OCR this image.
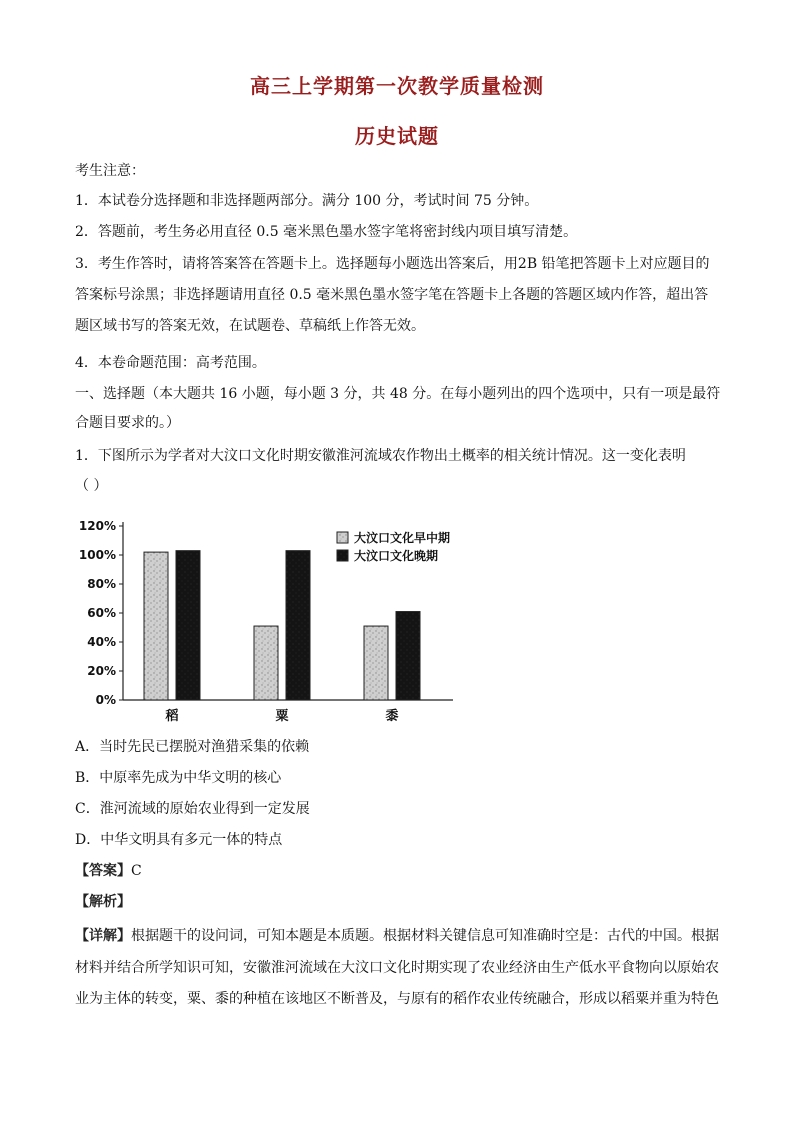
高三上学期第一次教学质量检测
历史试题
考生注意：
1．本试卷分选择题和非选择题两部分。满分 100 分，考试时间 75 分钟。
2．答题前，考生务必用直径 0.5 毫米黑色墨水签字笔将密封线内项目填写清楚。
3．考生作答时，请将答案答在答题卡上。选择题每小题选出答案后，用2B 铅笔把答题卡上对应题目的
答案标号涂黑；非选择题请用直径 0.5 毫米黑色墨水签字笔在答题卡上各题的答题区域内作答，超出答
题区域书写的答案无效，在试题卷、草稿纸上作答无效。
4．本卷命题范围：高考范围。
一、选择题（本大题共 16 小题，每小题 3 分，共 48 分。在每小题列出的四个选项中，只有一项是最符
合题目要求的。）
1．下图所示为学者对大汶口文化时期安徽淮河流域农作物出土概率的相关统计情况。这一变化表明
（ ）
0%
20%
40%
60%
80%
100%
120%
稻	粟	黍
大汶口文化早中期
大汶口文化晚期
A．当时先民已摆脱对渔猎采集的依赖
B．中原率先成为中华文明的核心
C．淮河流域的原始农业得到一定发展
D．中华文明具有多元一体的特点
【答案】C
【解析】
【详解】根据题干的设问词，可知本题是本质题。根据材料关键信息可知准确时空是：古代的中国。根据
材料并结合所学知识可知，安徽淮河流域在大汶口文化时期实现了农业经济由生产低水平食物向以原始农
业为主体的转变，粟、黍的种植在该地区不断普及，与原有的稻作农业传统融合，形成以稻粟并重为特色
